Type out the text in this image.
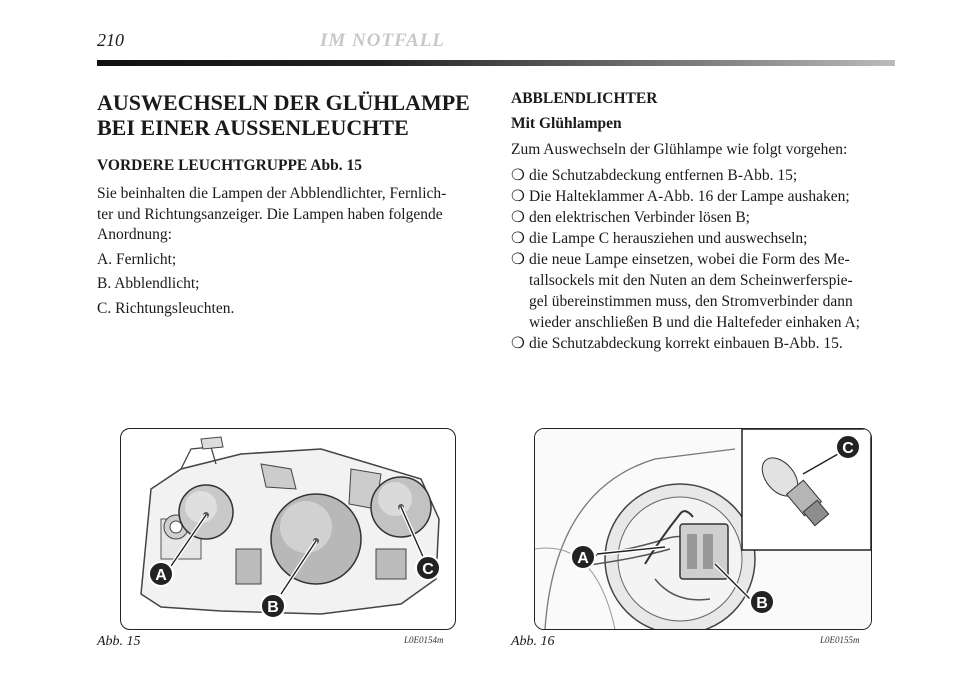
210	IM NOTFALL
AUSWECHSELN DER GLÜHLAMPE
BEI EINER AUSSENLEUCHTE
VORDERE LEUCHTGRUPPE Abb. 15
Sie beinhalten die Lampen der Abblendlichter, Fernlich-
ter und Richtungsanzeiger. Die Lampen haben folgende
Anordnung:
A. Fernlicht;
B. Abblendlicht;
C. Richtungsleuchten.
ABBLENDLICHTER
Mit Glühlampen
Zum Auswechseln der Glühlampe wie folgt vorgehen:
❍ die Schutzabdeckung entfernen B-Abb. 15;
❍ Die Halteklammer A-Abb. 16 der Lampe aushaken;
❍ den elektrischen Verbinder lösen B;
❍ die Lampe C herausziehen und auswechseln;
❍ die neue Lampe einsetzen, wobei die Form des Me-
tallsockels mit den Nuten an dem Scheinwerferspie-
gel übereinstimmen muss, den Stromverbinder dann
wieder anschließen B und die Haltefeder einhaken A;
❍ die Schutzabdeckung korrekt einbauen B-Abb. 15.
A
B
C
Abb. 15	L0E0154m
A
B
C
Abb. 16	L0E0155m
